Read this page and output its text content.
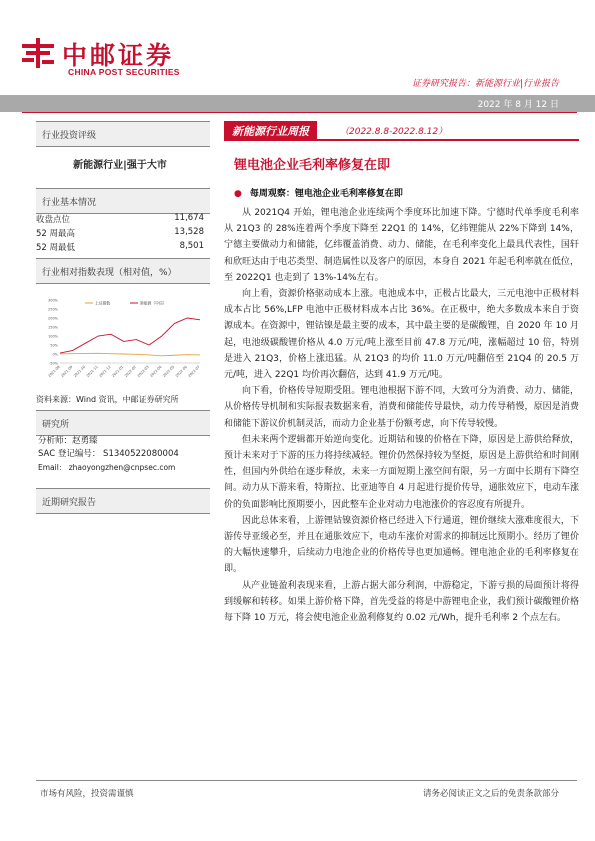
中邮证券
CHINA POST SECURITIES
证券研究报告：新能源行业|行业报告
2022 年 8 月 12 日
行业投资评级
新能源行业|强于大市
行业基本情况
收盘点位	11,674
52 周最高	13,528
52 周最低	8,501
行业相对指数表现（相对值，%）
300%
250%
200%
150%
100%
50%
0%
-50%
2021-08 2021-09 2021-10 2021-11 2021-12 2022-01 2022-02 2022-03 2022-04 2022-05 2022-06 2022-07
上证指数	新能源（中信）
资料来源：Wind 资讯，中邮证券研究所
研究所
分析师：赵勇臻
SAC 登记编号： S1340522080004
Email： zhaoyongzhen@cnpsec.com
近期研究报告
新能源行业周报	（2022.8.8-2022.8.12）
锂电池企业毛利率修复在即
● 每周观察：锂电池企业毛利率修复在即

从 2021Q4 开始，锂电池企业连续两个季度环比加速下降。宁德时代单季度毛利率从 21Q3 的 28%连着两个季度下降至 22Q1 的 14%，亿纬锂能从 22%下降到 14%，宁德主要做动力和储能，亿纬覆盖消费、动力、储能，在毛利率变化上最具代表性，国轩和欣旺达由于电芯类型、制造属性以及客户的原因，本身自 2021 年起毛利率就在低位，至 2022Q1 也走到了 13%-14%左右。

向上看，资源价格驱动成本上涨。电池成本中，正极占比最大，三元电池中正极材料成本占比 56%,LFP 电池中正极材料成本占比 36%。在正极中，绝大多数成本来自于资源成本。在资源中，锂钴镍是最主要的成本，其中最主要的是碳酸锂，自 2020 年 10 月起，电池级碳酸锂价格从 4.0 万元/吨上涨至目前 47.8 万元/吨，涨幅超过 10 倍，特别是进入 21Q3，价格上涨迅猛。从 21Q3 的均价 11.0 万元/吨翻倍至 21Q4 的 20.5 万元/吨，进入 22Q1 均价再次翻倍，达到 41.9 万元/吨。

向下看，价格传导短期受阻。锂电池根据下游不同，大致可分为消费、动力、储能，从价格传导机制和实际报表数据来看，消费和储能传导最快，动力传导稍慢，原因是消费和储能下游议价机制灵活，而动力企业基于份额考虑，向下传导较慢。

但未来两个逻辑都开始逆向变化。近期钴和镍的价格在下降，原因是上游供给释放，预计未来对于下游的压力将持续减轻。锂价仍然保持较为坚挺，原因是上游供给和时间刚性，但国内外供给在逐步释放，未来一方面短期上涨空间有限，另一方面中长期有下降空间。动力从下游来看，特斯拉、比亚迪等自 4 月起进行提价传导，通胀效应下，电动车涨价的负面影响比预期要小，因此整车企业对动力电池涨价的容忍度有所提升。

因此总体来看，上游锂钴镍资源价格已经进入下行通道，锂价继续大涨难度很大，下游传导亚缓必至，并且在通胀效应下，电动车涨价对需求的抑制远比预期小。经历了锂价的大幅快速攀升，后续动力电池企业的价格传导也更加通畅。锂电池企业的毛利率修复在即。

从产业链盈利表现来看，上游占据大部分利润，中游稳定，下游亏损的局面预计将得到缓解和转移。如果上游价格下降，首先受益的将是中游锂电企业，我们预计碳酸锂价格每下降 10 万元，将会使电池企业盈利修复约 0.02 元/Wh，提升毛利率 2 个点左右。

市场有风险，投资需谨慎	请务必阅读正文之后的免责条款部分
